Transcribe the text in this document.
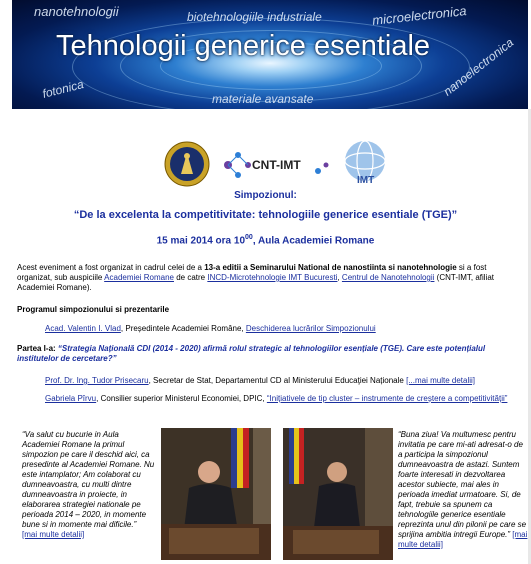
nanotehnologii	biotehnologiile industriale	microelectronica
nanoelectronica
fotonica	materiale avansate
Tehnologii generice esentiale
CNT-IMT
IMT
Simpozionul:
“De la excelenta la competitivitate: tehnologiile generice esentiale (TGE)”
15 mai 2014 ora $10^{00}$, Aula Academiei Romane
Acest eveniment a fost organizat in cadrul celei de a 13-a editii a Seminarului National de nanostiinta si nanotehnologie si a fost organizat, sub auspiciile Academiei Romane de catre INCD-Microtehnologie IMT Bucuresti, Centrul de Nanotehnologii (CNT-IMT, afiliat Academiei Romane).
Programul simpozionului si prezentarile
Acad. Valentin I. Vlad, Președintele Academiei Române, Deschiderea lucrărilor Simpozionului
Partea I-a: “Strategia Națională CDI (2014 - 2020) afirmă rolul strategic al tehnologiilor esențiale (TGE). Care este potențialul institutelor de cercetare?”
Prof. Dr. Ing. Tudor Prisecaru, Secretar de Stat, Departamentul CD al Ministerului Educaţiei Naționale [...mai multe detalii]
Gabriela Pîrvu, Consilier superior Ministerul Economiei, DPIC, “Inițiativele de tip cluster – instrumente de creștere a competitivității”
“Va salut cu bucurie in Aula Academiei Romane la primul simpozion pe care il deschid aici, ca presedinte al Academiei Romane. Nu este intamplator; Am colaborat cu dumneavoastra, cu multi dintre dumneavoastra in proiecte, in elaborarea strategiei nationale pe perioada 2014 – 2020, in momente bune si in momente mai dificile.”
[mai multe detalii]
“Buna ziua! Va multumesc pentru invitatia pe care mi-ati adresat-o de a participa la simpozionul dumneavoastra de astazi. Suntem foarte interesati in dezvoltarea acestor subiecte, mai ales in perioada imediat urmatoare. Si, de fapt, trebuie sa spunem ca tehnologiile generice esentiale reprezinta unul din pilonii pe care se sprijina ambitia intregii Europe.” [mai multe detalii]
